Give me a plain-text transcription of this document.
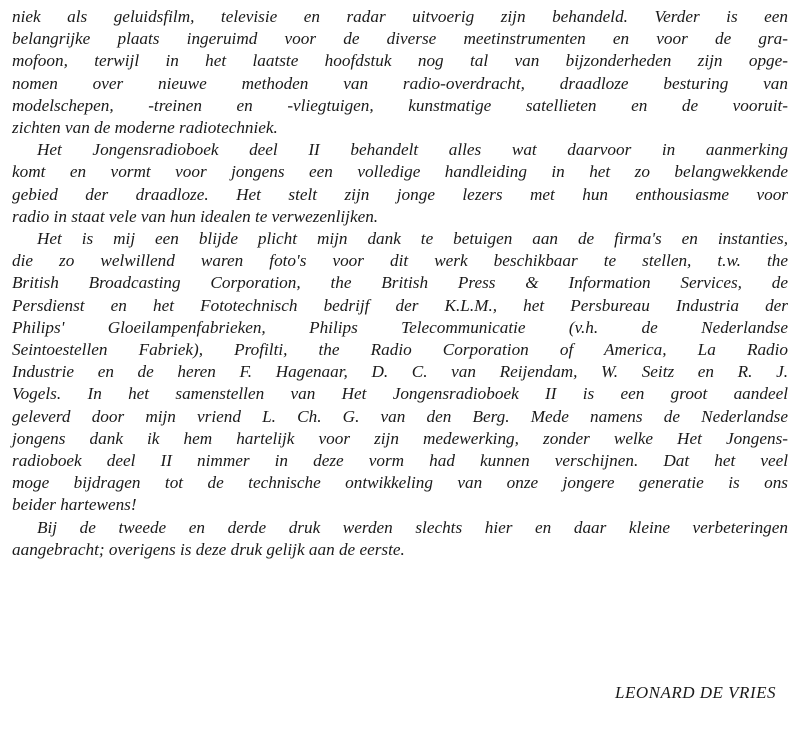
niek als geluidsfilm, televisie en radar uitvoerig zijn behandeld. Verder is een
belangrijke plaats ingeruimd voor de diverse meetinstrumenten en voor de gra-
mofoon, terwijl in het laatste hoofdstuk nog tal van bijzonderheden zijn opge-
nomen over nieuwe methoden van radio-overdracht, draadloze besturing van
modelschepen, -treinen en -vliegtuigen, kunstmatige satellieten en de vooruit-
zichten van de moderne radiotechniek.

Het Jongensradioboek deel II behandelt alles wat daarvoor in aanmerking
komt en vormt voor jongens een volledige handleiding in het zo belangwekkende
gebied der draadloze. Het stelt zijn jonge lezers met hun enthousiasme voor
radio in staat vele van hun idealen te verwezenlijken.

Het is mij een blijde plicht mijn dank te betuigen aan de firma's en instanties,
die zo welwillend waren foto's voor dit werk beschikbaar te stellen, t.w. the
British Broadcasting Corporation, the British Press & Information Services, de
Persdienst en het Fototechnisch bedrijf der K.L.M., het Persbureau Industria der
Philips' Gloeilampenfabrieken, Philips Telecommunicatie (v.h. de Nederlandse
Seintoestellen Fabriek), Profilti, the Radio Corporation of America, La Radio
Industrie en de heren F. Hagenaar, D. C. van Reijendam, W. Seitz en R. J.
Vogels. In het samenstellen van Het Jongensradioboek II is een groot aandeel
geleverd door mijn vriend L. Ch. G. van den Berg. Mede namens de Nederlandse
jongens dank ik hem hartelijk voor zijn medewerking, zonder welke Het Jongens-
radioboek deel II nimmer in deze vorm had kunnen verschijnen. Dat het veel
moge bijdragen tot de technische ontwikkeling van onze jongere generatie is ons
beider hartewens!

Bij de tweede en derde druk werden slechts hier en daar kleine verbeteringen
aangebracht; overigens is deze druk gelijk aan de eerste.

LEONARD DE VRIES
